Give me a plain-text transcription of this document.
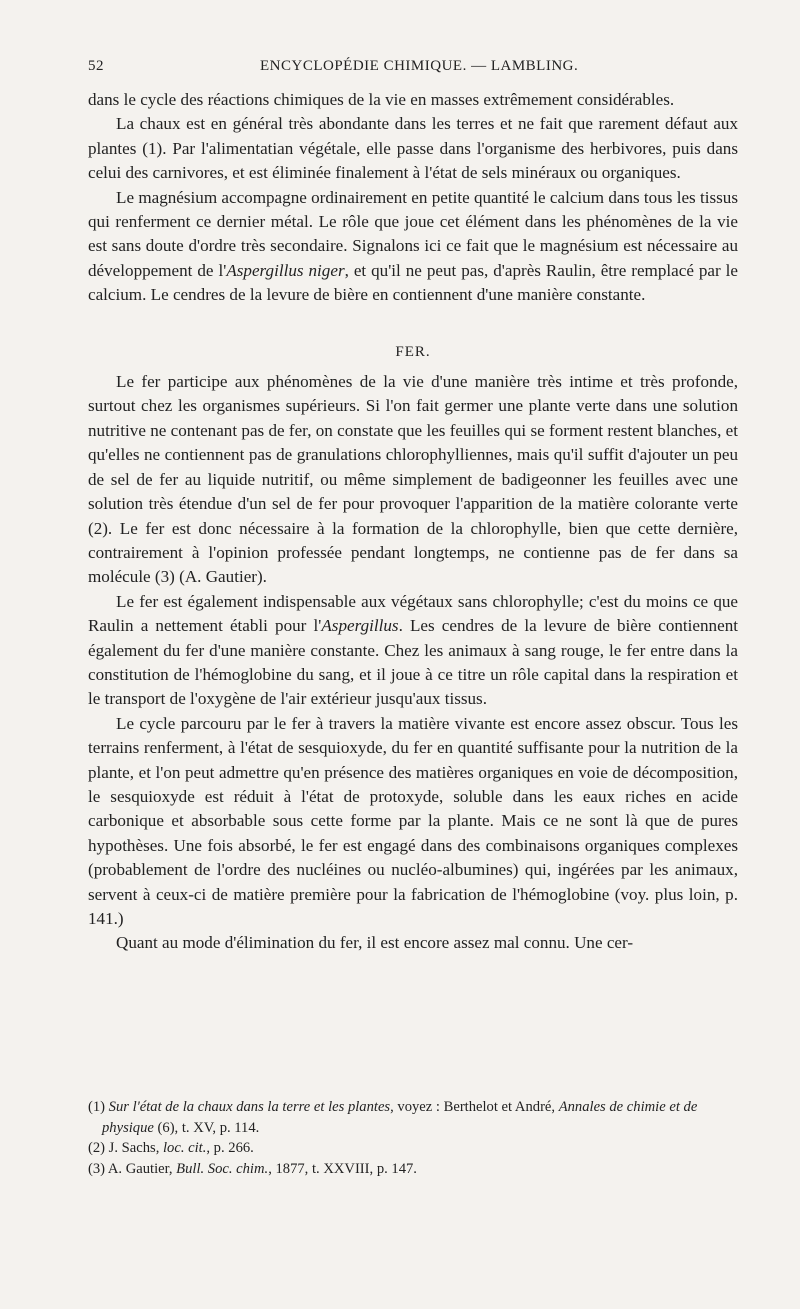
52	ENCYCLOPÉDIE CHIMIQUE. — LAMBLING.

dans le cycle des réactions chimiques de la vie en masses extrêmement considérables.

La chaux est en général très abondante dans les terres et ne fait que rarement défaut aux plantes (1). Par l'alimentatian végétale, elle passe dans l'organisme des herbivores, puis dans celui des carnivores, et est éliminée finalement à l'état de sels minéraux ou organiques.

Le magnésium accompagne ordinairement en petite quantité le calcium dans tous les tissus qui renferment ce dernier métal. Le rôle que joue cet élément dans les phénomènes de la vie est sans doute d'ordre très secondaire. Signalons ici ce fait que le magnésium est nécessaire au développement de l'Aspergillus niger, et qu'il ne peut pas, d'après Raulin, être remplacé par le calcium. Le cendres de la levure de bière en contiennent d'une manière constante.

FER.

Le fer participe aux phénomènes de la vie d'une manière très intime et très profonde, surtout chez les organismes supérieurs. Si l'on fait germer une plante verte dans une solution nutritive ne contenant pas de fer, on constate que les feuilles qui se forment restent blanches, et qu'elles ne contiennent pas de granulations chlorophylliennes, mais qu'il suffit d'ajouter un peu de sel de fer au liquide nutritif, ou même simplement de badigeonner les feuilles avec une solution très étendue d'un sel de fer pour provoquer l'apparition de la matière colorante verte (2). Le fer est donc nécessaire à la formation de la chlorophylle, bien que cette dernière, contrairement à l'opinion professée pendant longtemps, ne contienne pas de fer dans sa molécule (3) (A. Gautier).

Le fer est également indispensable aux végétaux sans chlorophylle; c'est du moins ce que Raulin a nettement établi pour l'Aspergillus. Les cendres de la levure de bière contiennent également du fer d'une manière constante. Chez les animaux à sang rouge, le fer entre dans la constitution de l'hémoglobine du sang, et il joue à ce titre un rôle capital dans la respiration et le transport de l'oxygène de l'air extérieur jusqu'aux tissus.

Le cycle parcouru par le fer à travers la matière vivante est encore assez obscur. Tous les terrains renferment, à l'état de sesquioxyde, du fer en quantité suffisante pour la nutrition de la plante, et l'on peut admettre qu'en présence des matières organiques en voie de décomposition, le sesquioxyde est réduit à l'état de protoxyde, soluble dans les eaux riches en acide carbonique et absorbable sous cette forme par la plante. Mais ce ne sont là que de pures hypothèses. Une fois absorbé, le fer est engagé dans des combinaisons organiques complexes (probablement de l'ordre des nucléines ou nucléo-albumines) qui, ingérées par les animaux, servent à ceux-ci de matière première pour la fabrication de l'hémoglobine (voy. plus loin, p. 141.)

Quant au mode d'élimination du fer, il est encore assez mal connu. Une cer-

(1) Sur l'état de la chaux dans la terre et les plantes, voyez : Berthelot et André, Annales de chimie et de physique (6), t. XV, p. 114.

(2) J. Sachs, loc. cit., p. 266.

(3) A. Gautier, Bull. Soc. chim., 1877, t. XXVIII, p. 147.
